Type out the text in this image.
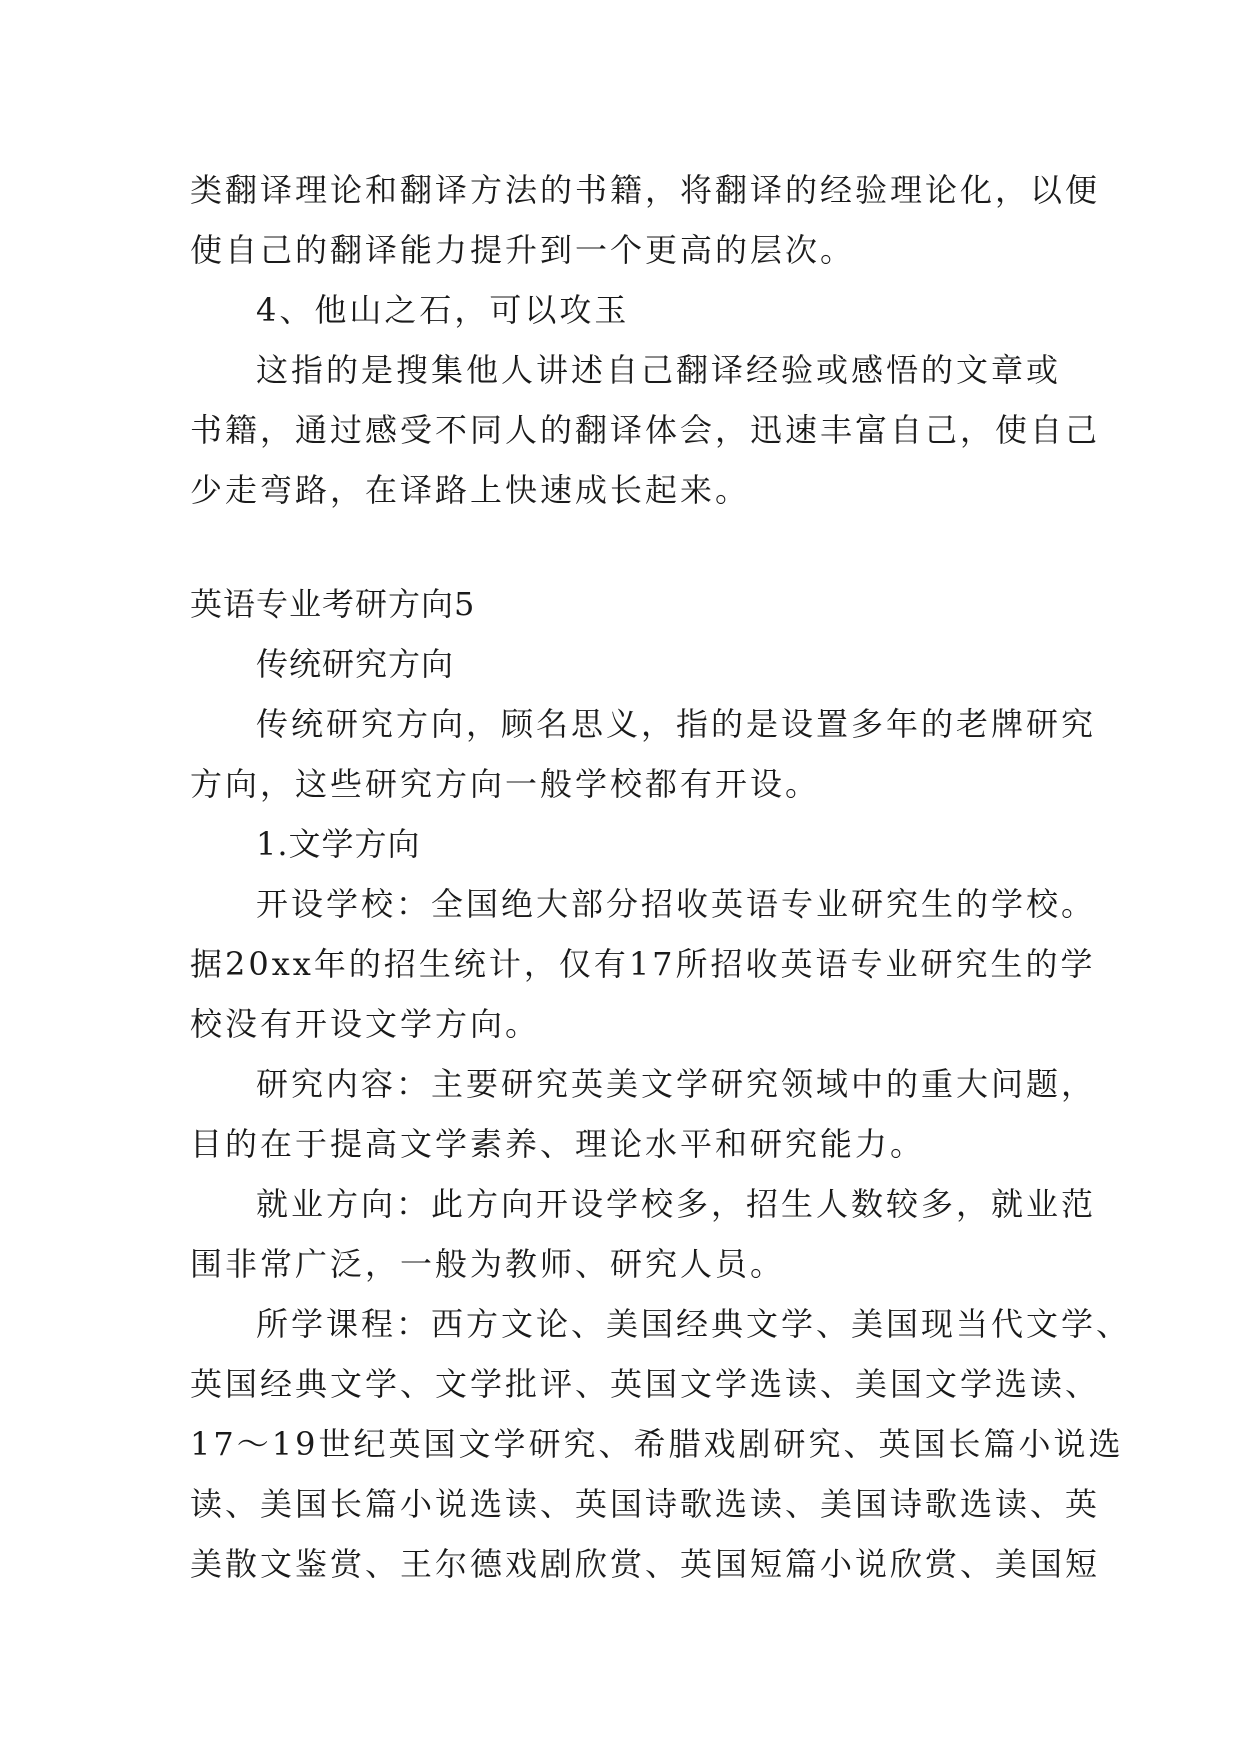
类翻译理论和翻译方法的书籍，将翻译的经验理论化，以便
使自己的翻译能力提升到一个更高的层次。
4、他山之石，可以攻玉
这指的是搜集他人讲述自己翻译经验或感悟的文章或
书籍，通过感受不同人的翻译体会，迅速丰富自己，使自己
少走弯路，在译路上快速成长起来。
英语专业考研方向5
传统研究方向
传统研究方向，顾名思义，指的是设置多年的老牌研究
方向，这些研究方向一般学校都有开设。
1.文学方向
开设学校：全国绝大部分招收英语专业研究生的学校。
据20xx年的招生统计，仅有17所招收英语专业研究生的学
校没有开设文学方向。
研究内容：主要研究英美文学研究领域中的重大问题，
目的在于提高文学素养、理论水平和研究能力。
就业方向：此方向开设学校多，招生人数较多，就业范
围非常广泛，一般为教师、研究人员。
所学课程：西方文论、美国经典文学、美国现当代文学、
英国经典文学、文学批评、英国文学选读、美国文学选读、
17～19世纪英国文学研究、希腊戏剧研究、英国长篇小说选
读、美国长篇小说选读、英国诗歌选读、美国诗歌选读、英
美散文鉴赏、王尔德戏剧欣赏、英国短篇小说欣赏、美国短
